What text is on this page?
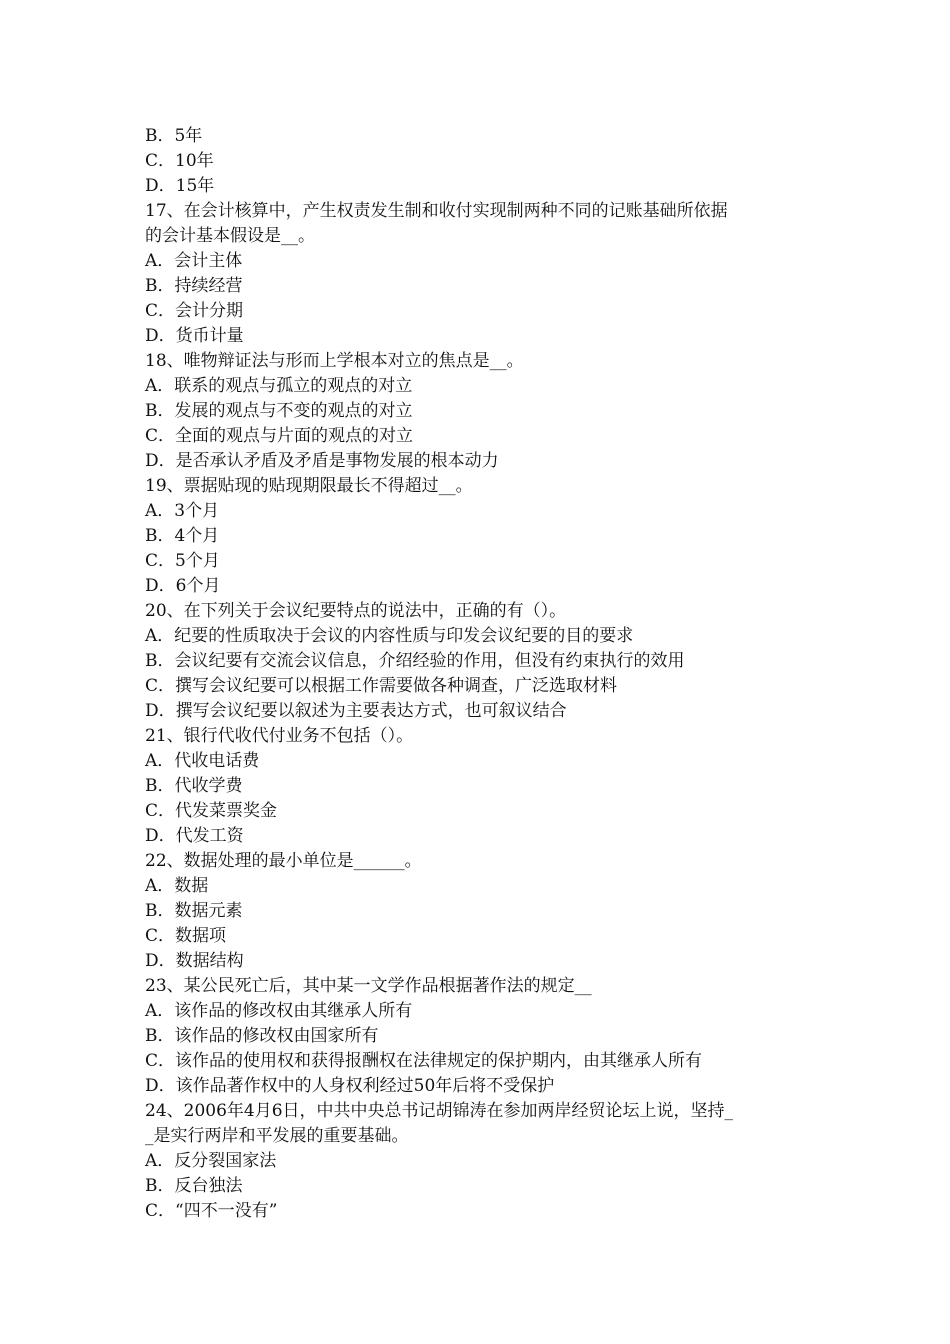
B．5年
C．10年
D．15年
17、在会计核算中，产生权责发生制和收付实现制两种不同的记账基础所依据
的会计基本假设是__。
A．会计主体
B．持续经营
C．会计分期
D．货币计量
18、唯物辩证法与形而上学根本对立的焦点是__。
A．联系的观点与孤立的观点的对立
B．发展的观点与不变的观点的对立
C．全面的观点与片面的观点的对立
D．是否承认矛盾及矛盾是事物发展的根本动力
19、票据贴现的贴现期限最长不得超过__。
A．3个月
B．4个月
C．5个月
D．6个月
20、在下列关于会议纪要特点的说法中，正确的有（）。
A．纪要的性质取决于会议的内容性质与印发会议纪要的目的要求
B．会议纪要有交流会议信息，介绍经验的作用，但没有约束执行的效用
C．撰写会议纪要可以根据工作需要做各种调查，广泛选取材料
D．撰写会议纪要以叙述为主要表达方式，也可叙议结合
21、银行代收代付业务不包括（）。
A．代收电话费
B．代收学费
C．代发菜票奖金
D．代发工资
22、数据处理的最小单位是______。
A．数据
B．数据元素
C．数据项
D．数据结构
23、某公民死亡后，其中某一文学作品根据著作法的规定__
A．该作品的修改权由其继承人所有
B．该作品的修改权由国家所有
C．该作品的使用权和获得报酬权在法律规定的保护期内，由其继承人所有
D．该作品著作权中的人身权利经过50年后将不受保护
24、2006年4月6日，中共中央总书记胡锦涛在参加两岸经贸论坛上说，坚持_
_是实行两岸和平发展的重要基础。
A．反分裂国家法
B．反台独法
C．“四不一没有”
